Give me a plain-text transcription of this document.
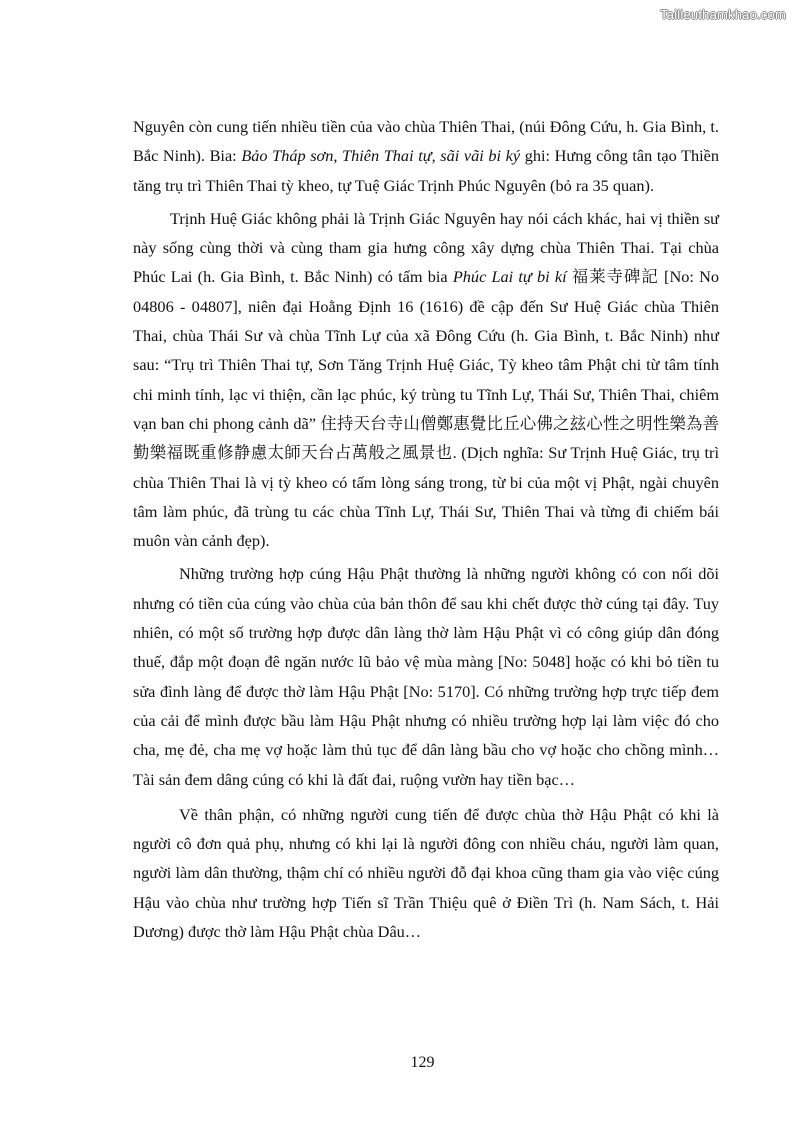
Tailieuthamkhao.com

Nguyên còn cung tiến nhiều tiền của vào chùa Thiên Thai, (núi Đông Cứu, h. Gia Bình, t. Bắc Ninh). Bia: Bảo Tháp sơn, Thiên Thai tự, sãi vãi bi ký ghi: Hưng công tân tạo Thiền tăng trụ trì Thiên Thai tỳ kheo, tự Tuệ Giác Trịnh Phúc Nguyên (bỏ ra 35 quan).

Trịnh Huệ Giác không phải là Trịnh Giác Nguyên hay nói cách khác, hai vị thiền sư này sống cùng thời và cùng tham gia hưng công xây dựng chùa Thiên Thai. Tại chùa Phúc Lai (h. Gia Bình, t. Bắc Ninh) có tấm bia Phúc Lai tự bi kí 福莱寺碑記 [No: No 04806 - 04807], niên đại Hoằng Định 16 (1616) đề cập đến Sư Huệ Giác chùa Thiên Thai, chùa Thái Sư và chùa Tĩnh Lự của xã Đông Cứu (h. Gia Bình, t. Bắc Ninh) như sau: “Trụ trì Thiên Thai tự, Sơn Tăng Trịnh Huệ Giác, Tỳ kheo tâm Phật chi từ tâm tính chi minh tính, lạc vi thiện, cần lạc phúc, ký trùng tu Tĩnh Lự, Thái Sư, Thiên Thai, chiêm vạn ban chi phong cảnh dã” 住持天台寺山僧鄭惠覺比丘心佛之玆心性之明性樂為善勤樂福既重修静慮太師天台占萬般之風景也. (Dịch nghĩa: Sư Trịnh Huệ Giác, trụ trì chùa Thiên Thai là vị tỳ kheo có tấm lòng sáng trong, từ bi của một vị Phật, ngài chuyên tâm làm phúc, đã trùng tu các chùa Tĩnh Lự, Thái Sư, Thiên Thai và từng đi chiếm bái muôn vàn cảnh đẹp).

Những trường hợp cúng Hậu Phật thường là những người không có con nối dõi nhưng có tiền của cúng vào chùa của bản thôn để sau khi chết được thờ cúng tại đây. Tuy nhiên, có một số trường hợp được dân làng thờ làm Hậu Phật vì có công giúp dân đóng thuế, đắp một đoạn đê ngăn nước lũ bảo vệ mùa màng [No: 5048] hoặc có khi bỏ tiền tu sửa đình làng để được thờ làm Hậu Phật [No: 5170]. Có những trường hợp trực tiếp đem của cải để mình được bầu làm Hậu Phật nhưng có nhiều trường hợp lại làm việc đó cho cha, mẹ đẻ, cha mẹ vợ hoặc làm thủ tục để dân làng bầu cho vợ hoặc cho chồng mình…Tài sản đem dâng cúng có khi là đất đai, ruộng vườn hay tiền bạc…

Về thân phận, có những người cung tiến để được chùa thờ Hậu Phật có khi là người cô đơn quả phụ, nhưng có khi lại là người đông con nhiều cháu, người làm quan, người làm dân thường, thậm chí có nhiều người đỗ đại khoa cũng tham gia vào việc cúng Hậu vào chùa như trường hợp Tiến sĩ Trần Thiệu quê ở Điền Trì (h. Nam Sách, t. Hải Dương) được thờ làm Hậu Phật chùa Dâu…

129
